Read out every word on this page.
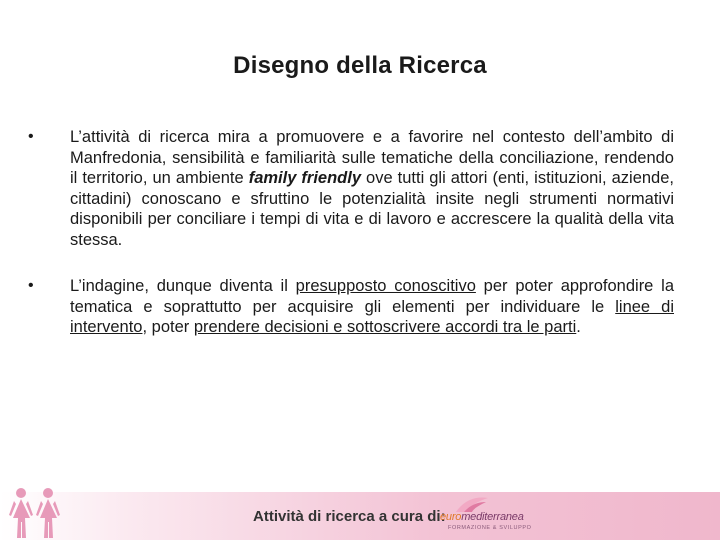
Disegno della Ricerca
• L’attività di ricerca mira a promuovere e a favorire nel contesto dell’ambito di Manfredonia, sensibilità e familiarità sulle tematiche della conciliazione, rendendo il territorio, un ambiente family friendly ove tutti gli attori (enti, istituzioni, aziende, cittadini) conoscano e sfruttino le potenzialità insite negli strumenti normativi disponibili per conciliare i tempi di vita e di lavoro e accrescere la qualità della vita stessa.
• L’indagine, dunque diventa il presupposto conoscitivo per poter approfondire la tematica e soprattutto per acquisire gli elementi per individuare le linee di intervento, poter prendere decisioni e sottoscrivere accordi tra le parti.
Attività di ricerca a cura di:
euromediterranea
FORMAZIONE & SVILUPPO
